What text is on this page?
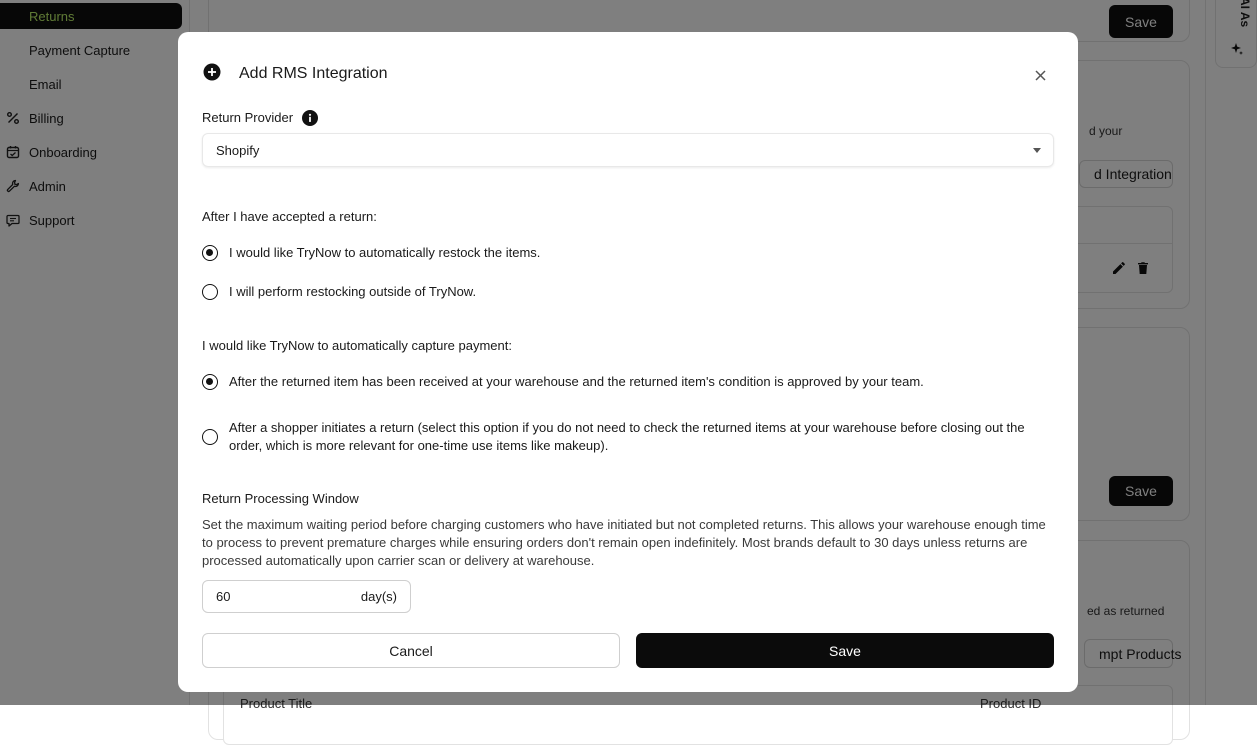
Add RMS Integration
Return Provider
Shopify
After I have accepted a return:
I would like TryNow to automatically restock the items.
I will perform restocking outside of TryNow.
I would like TryNow to automatically capture payment:
After the returned item has been received at your warehouse and the returned item's condition is approved by your team.
After a shopper initiates a return (select this option if you do not need to check the returned items at your warehouse before closing out the order, which is more relevant for one-time use items like makeup).
Return Processing Window
Set the maximum waiting period before charging customers who have initiated but not completed returns. This allows your warehouse enough time to process to prevent premature charges while ensuring orders don't remain open indefinitely. Most brands default to 30 days unless returns are processed automatically upon carrier scan or delivery at warehouse.
60	day(s)
Cancel	Save
